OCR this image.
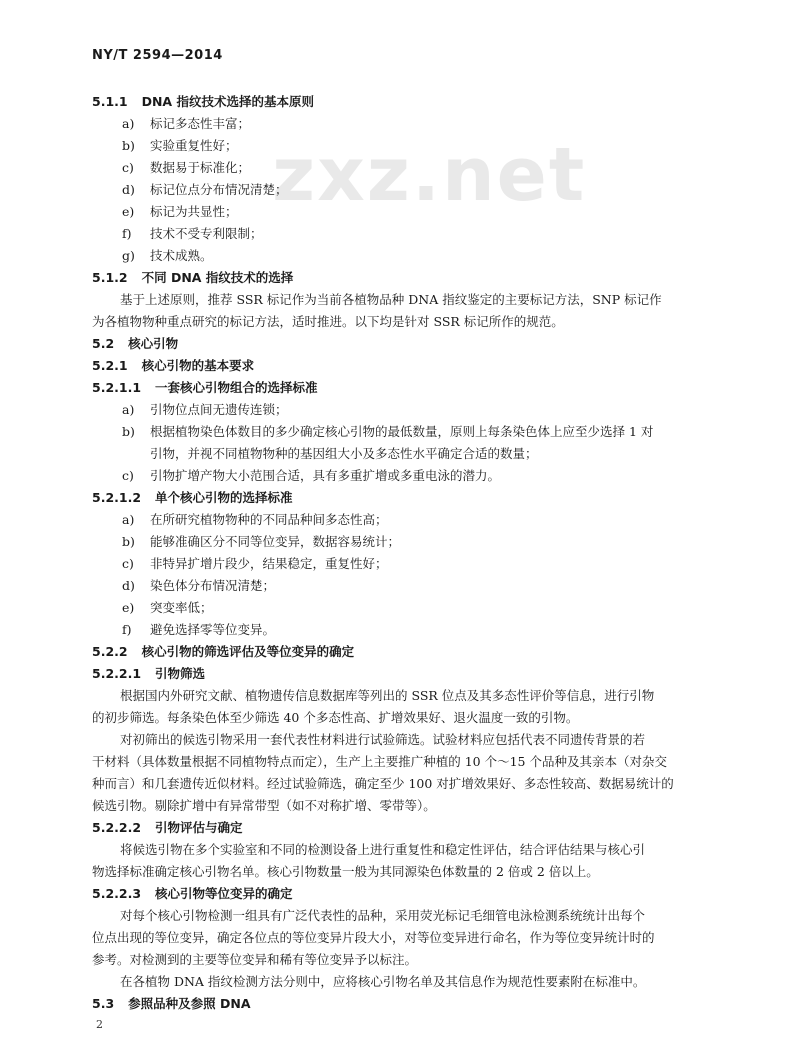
NY/T 2594—2014
zxz.net
5.1.1 DNA 指纹技术选择的基本原则
a) 标记多态性丰富；
b) 实验重复性好；
c) 数据易于标准化；
d) 标记位点分布情况清楚；
e) 标记为共显性；
f) 技术不受专利限制；
g) 技术成熟。
5.1.2 不同 DNA 指纹技术的选择
基于上述原则，推荐 SSR 标记作为当前各植物品种 DNA 指纹鉴定的主要标记方法，SNP 标记作
为各植物物种重点研究的标记方法，适时推进。以下均是针对 SSR 标记所作的规范。
5.2 核心引物
5.2.1 核心引物的基本要求
5.2.1.1 一套核心引物组合的选择标准
a) 引物位点间无遗传连锁；
b) 根据植物染色体数目的多少确定核心引物的最低数量，原则上每条染色体上应至少选择 1 对
引物，并视不同植物物种的基因组大小及多态性水平确定合适的数量；
c) 引物扩增产物大小范围合适，具有多重扩增或多重电泳的潜力。
5.2.1.2 单个核心引物的选择标准
a) 在所研究植物物种的不同品种间多态性高；
b) 能够准确区分不同等位变异，数据容易统计；
c) 非特异扩增片段少，结果稳定，重复性好；
d) 染色体分布情况清楚；
e) 突变率低；
f) 避免选择零等位变异。
5.2.2 核心引物的筛选评估及等位变异的确定
5.2.2.1 引物筛选
根据国内外研究文献、植物遗传信息数据库等列出的 SSR 位点及其多态性评价等信息，进行引物
的初步筛选。每条染色体至少筛选 40 个多态性高、扩增效果好、退火温度一致的引物。
对初筛出的候选引物采用一套代表性材料进行试验筛选。试验材料应包括代表不同遗传背景的若
干材料（具体数量根据不同植物特点而定），生产上主要推广种植的 10 个～15 个品种及其亲本（对杂交
种而言）和几套遗传近似材料。经过试验筛选，确定至少 100 对扩增效果好、多态性较高、数据易统计的
候选引物。剔除扩增中有异常带型（如不对称扩增、零带等）。
5.2.2.2 引物评估与确定
将候选引物在多个实验室和不同的检测设备上进行重复性和稳定性评估，结合评估结果与核心引
物选择标准确定核心引物名单。核心引物数量一般为其同源染色体数量的 2 倍或 2 倍以上。
5.2.2.3 核心引物等位变异的确定
对每个核心引物检测一组具有广泛代表性的品种，采用荧光标记毛细管电泳检测系统统计出每个
位点出现的等位变异，确定各位点的等位变异片段大小，对等位变异进行命名，作为等位变异统计时的
参考。对检测到的主要等位变异和稀有等位变异予以标注。
在各植物 DNA 指纹检测方法分则中，应将核心引物名单及其信息作为规范性要素附在标准中。
5.3 参照品种及参照 DNA
2
